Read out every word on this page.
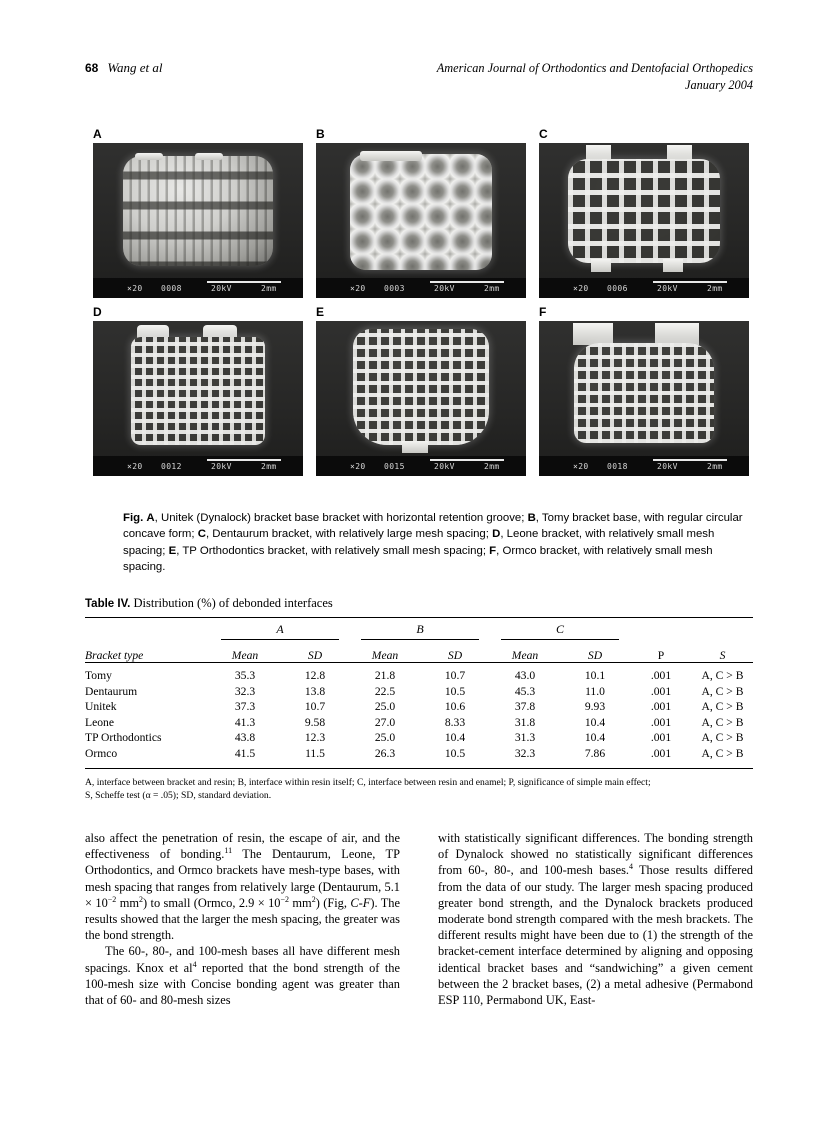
68 Wang et al	American Journal of Orthodontics and Dentofacial Orthopedics
January 2004
A
×20 0008	20kV	2mm
B
×20 0003	20kV	2mm
C
×20 0006	20kV	2mm
D
×20 0012	20kV	2mm
E
×20 0015	20kV	2mm
F
×20 0018	20kV	2mm
Fig. A, Unitek (Dynalock) bracket base bracket with horizontal retention groove; B, Tomy bracket base, with regular circular concave form; C, Dentaurum bracket, with relatively large mesh spacing; D, Leone bracket, with relatively small mesh spacing; E, TP Orthodontics bracket, with relatively small mesh spacing; F, Ormco bracket, with relatively small mesh spacing.
Table IV. Distribution (%) of debonded interfaces

	A		B		C			
Bracket type	Mean	SD	Mean	SD	Mean	SD	P	S

Tomy	35.3	12.8	21.8	10.7	43.0	10.1	.001	A, C > B
Dentaurum	32.3	13.8	22.5	10.5	45.3	11.0	.001	A, C > B
Unitek	37.3	10.7	25.0	10.6	37.8	9.93	.001	A, C > B
Leone	41.3	9.58	27.0	8.33	31.8	10.4	.001	A, C > B
TP Orthodontics	43.8	12.3	25.0	10.4	31.3	10.4	.001	A, C > B
Ormco	41.5	11.5	26.3	10.5	32.3	7.86	.001	A, C > B

A, interface between bracket and resin; B, interface within resin itself; C, interface between resin and enamel; P, significance of simple main effect;
S, Scheffe test (α = .05); SD, standard deviation.

also affect the penetration of resin, the escape of air, and the effectiveness of bonding.$^{11}$ The Dentaurum, Leone, TP Orthodontics, and Ormco brackets have mesh-type bases, with mesh spacing that ranges from relatively large (Dentaurum, $5.1 \times 10^{-2}$ $mm^2$) to small (Ormco, $2.9 \times 10^{-2}$ $mm^2$) (Fig, C-F). The results showed that the larger the mesh spacing, the greater was the bond strength.

The 60-, 80-, and 100-mesh bases all have different mesh spacings. Knox et $al^4$ reported that the bond strength of the 100-mesh size with Concise bonding agent was greater than that of 60- and 80-mesh sizes

with statistically significant differences. The bonding strength of Dynalock showed no statistically significant differences from 60-, 80-, and 100-mesh bases.$^4$ Those results differed from the data of our study. The larger mesh spacing produced greater bond strength, and the Dynalock brackets produced moderate bond strength compared with the mesh brackets. The different results might have been due to (1) the strength of the bracket-cement interface determined by aligning and opposing identical bracket bases and “sandwiching” a given cement between the 2 bracket bases, (2) a metal adhesive (Permabond ESP 110, Permabond UK, East-
